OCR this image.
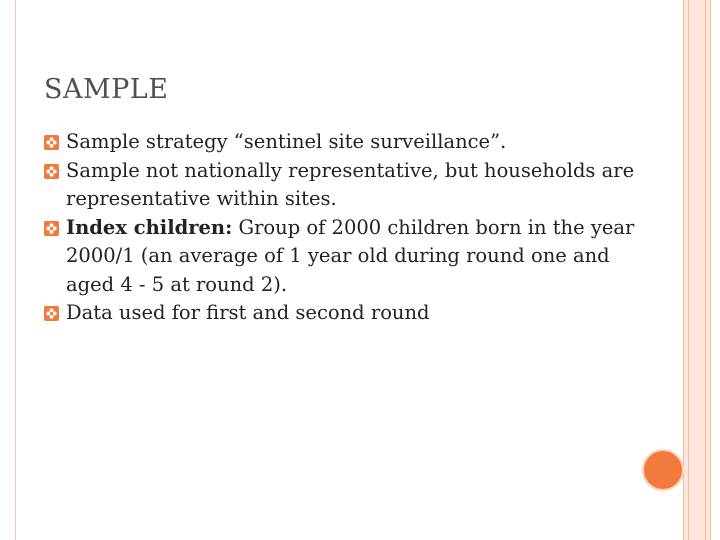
SAMPLE
Sample strategy “sentinel site surveillance”.
Sample not nationally representative, but households are representative within sites.
Index children: Group of 2000 children born in the year 2000/1 (an average of 1 year old during round one and aged 4 - 5 at round 2).
Data used for first and second round
